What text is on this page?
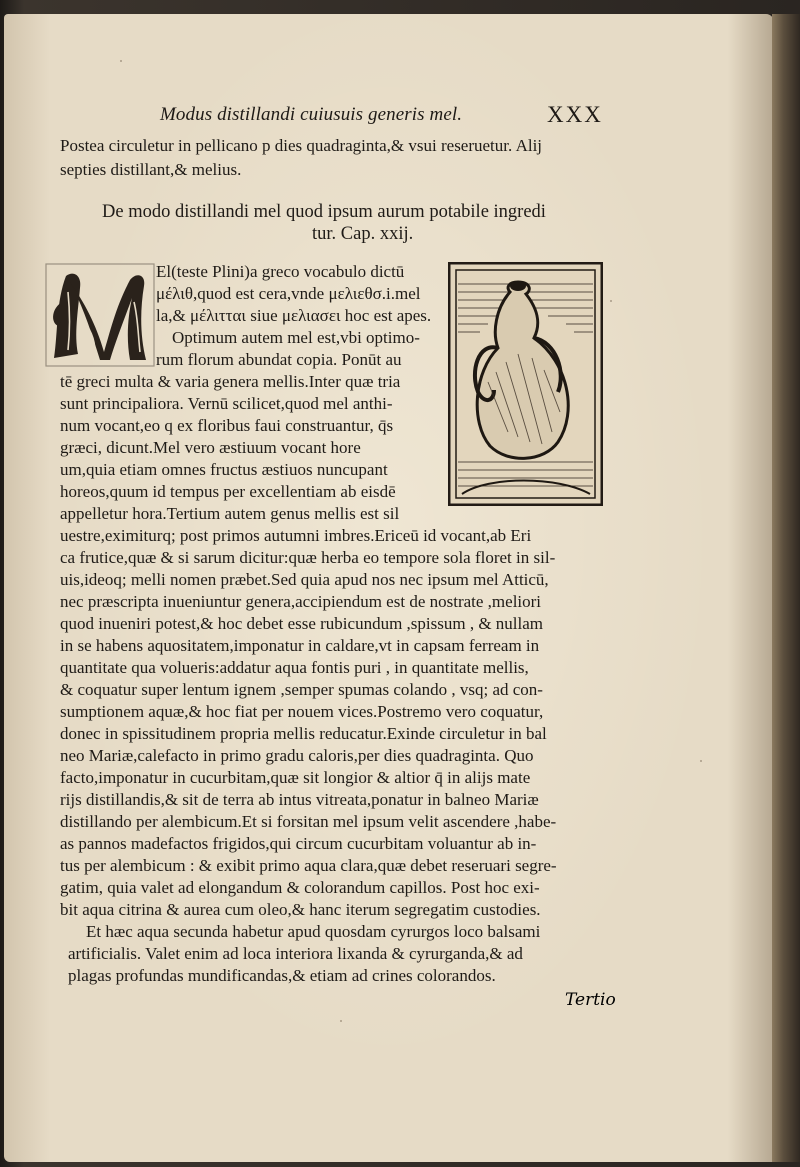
Modus distillandi cuiusuis generis mel.	XXX
Postea circuletur in pellicano p dies quadraginta,& vsui reseruetur. Alij
septies distillant,& melius.
De modo distillandi mel quod ipsum aurum potabile ingredi
tur. Cap. xxij.
El(teste Plini)a greco vocabulo dictū
μέλιθ,quod est cera,vnde μελιεθσ.i.mel
la,& μέλιτται siue μελιασει hoc est apes.
Optimum autem mel est,vbi optimo-
rum florum abundat copia. Ponūt au
tē greci multa & varia genera mellis.Inter quæ tria
sunt principaliora. Vernū scilicet,quod mel anthi-
num vocant,eo q ex floribus faui construantur, q̄s
græci, dicunt.Mel vero æstiuum vocant hore
um,quia etiam omnes fructus æstiuos nuncupant
horeos,quum id tempus per excellentiam ab eisdē
appelletur hora.Tertium autem genus mellis est sil
uestre,eximiturq; post primos autumni imbres.Ericeū id vocant,ab Eri
ca frutice,quæ & si sarum dicitur:quæ herba eo tempore sola floret in sil-
uis,ideoq; melli nomen præbet.Sed quia apud nos nec ipsum mel Atticū,
nec præscripta inueniuntur genera,accipiendum est de nostrate ,meliori
quod inueniri potest,& hoc debet esse rubicundum ,spissum , & nullam
in se habens aquositatem,imponatur in caldare,vt in capsam ferream in
quantitate qua volueris:addatur aqua fontis puri , in quantitate mellis,
& coquatur super lentum ignem ,semper spumas colando , vsq; ad con-
sumptionem aquæ,& hoc fiat per nouem vices.Postremo vero coquatur,
donec in spissitudinem propria mellis reducatur.Exinde circuletur in bal
neo Mariæ,calefacto in primo gradu caloris,per dies quadraginta. Quo
facto,imponatur in cucurbitam,quæ sit longior & altior q̄ in alijs mate
rijs distillandis,& sit de terra ab intus vitreata,ponatur in balneo Mariæ
distillando per alembicum.Et si forsitan mel ipsum velit ascendere ,habe-
as pannos madefactos frigidos,qui circum cucurbitam voluantur ab in-
tus per alembicum : & exibit primo aqua clara,quæ debet reseruari segre-
gatim, quia valet ad elongandum & colorandum capillos. Post hoc exi-
bit aqua citrina & aurea cum oleo,& hanc iterum segregatim custodies.
Et hæc aqua secunda habetur apud quosdam cyrurgos loco balsami
artificialis. Valet enim ad loca interiora lixanda & cyrurganda,& ad
plagas profundas mundificandas,& etiam ad crines colorandos.
Tertio
